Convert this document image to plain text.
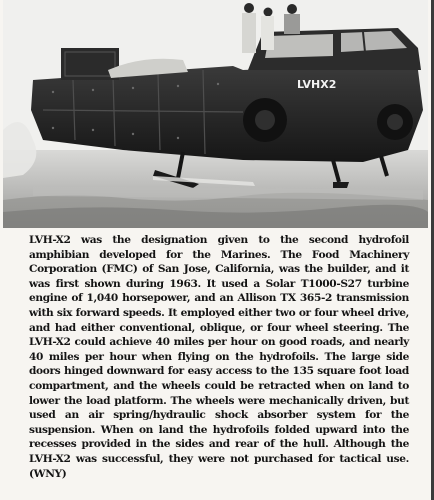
LVHX2

LVH-X2 was the designation given to the second hydrofoil amphibian developed for the Marines. The Food Machinery Corporation (FMC) of San Jose, California, was the builder, and it was first shown during 1963. It used a Solar T1000-S27 turbine engine of 1,040 horsepower, and an Allison TX 365-2 transmission with six forward speeds. It employed either two or four wheel drive, and had either conventional, oblique, or four wheel steering. The LVH-X2 could achieve 40 miles per hour on good roads, and nearly 40 miles per hour when flying on the hydrofoils. The large side doors hinged downward for easy access to the 135 square foot load compartment, and the wheels could be retracted when on land to lower the load platform. The wheels were mechanically driven, but used an air spring/hydraulic shock absorber system for the suspension. When on land the hydrofoils folded upward into the recesses provided in the sides and rear of the hull. Although the LVH-X2 was successful, they were not purchased for tactical use. (WNY)
